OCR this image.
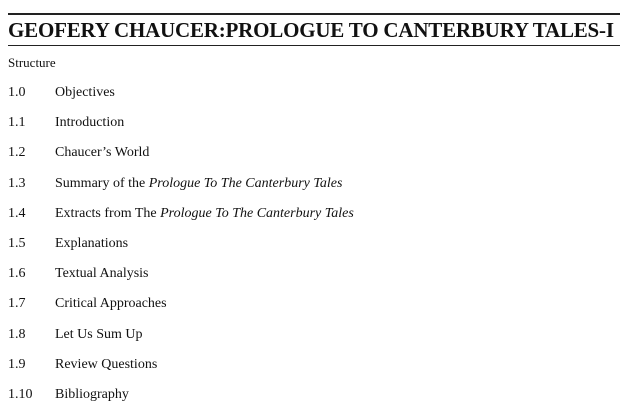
GEOFERY CHAUCER:PROLOGUE TO CANTERBURY TALES-I
Structure
1.0	Objectives
1.1	Introduction
1.2	Chaucer’s World
1.3	Summary of the Prologue To The Canterbury Tales
1.4	Extracts from The Prologue To The Canterbury Tales
1.5	Explanations
1.6	Textual Analysis
1.7	Critical Approaches
1.8	Let Us Sum Up
1.9	Review Questions
1.10	Bibliography
